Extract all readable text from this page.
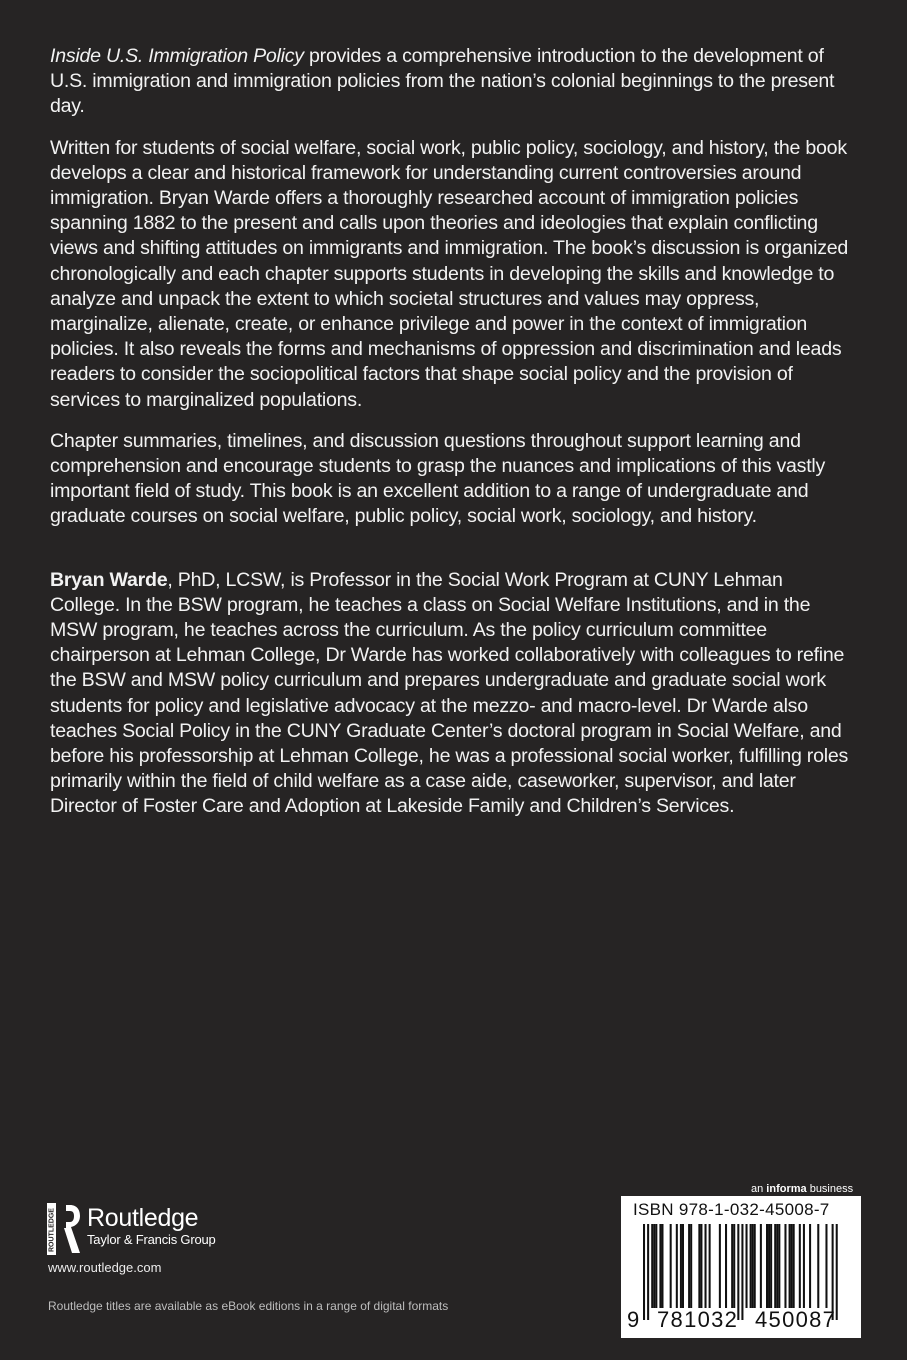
Inside U.S. Immigration Policy provides a comprehensive introduction to the development of U.S. immigration and immigration policies from the nation’s colonial beginnings to the present day.

Written for students of social welfare, social work, public policy, sociology, and history, the book develops a clear and historical framework for understanding current controversies around immigration. Bryan Warde offers a thoroughly researched account of immigration policies spanning 1882 to the present and calls upon theories and ideologies that explain conflicting views and shifting attitudes on immigrants and immigration. The book’s discussion is organized chronologically and each chapter supports students in developing the skills and knowledge to analyze and unpack the extent to which societal structures and values may oppress, marginalize, alienate, create, or enhance privilege and power in the context of immigration policies. It also reveals the forms and mechanisms of oppression and discrimination and leads readers to consider the sociopolitical factors that shape social policy and the provision of services to marginalized populations.

Chapter summaries, timelines, and discussion questions throughout support learning and comprehension and encourage students to grasp the nuances and implications of this vastly important field of study. This book is an excellent addition to a range of undergraduate and graduate courses on social welfare, public policy, social work, sociology, and history.

Bryan Warde, PhD, LCSW, is Professor in the Social Work Program at CUNY Lehman College. In the BSW program, he teaches a class on Social Welfare Institutions, and in the MSW program, he teaches across the curriculum. As the policy curriculum committee chairperson at Lehman College, Dr Warde has worked collaboratively with colleagues to refine the BSW and MSW policy curriculum and prepares undergraduate and graduate social work students for policy and legislative advocacy at the mezzo- and macro-level. Dr Warde also teaches Social Policy in the CUNY Graduate Center’s doctoral program in Social Welfare, and before his professorship at Lehman College, he was a professional social worker, fulfilling roles primarily within the field of child welfare as a case aide, caseworker, supervisor, and later Director of Foster Care and Adoption at Lakeside Family and Children’s Services.

ROUTLEDGE Routledge
Taylor & Francis Group
www.routledge.com
Routledge titles are available as eBook editions in a range of digital formats
an informa business
ISBN 978-1-032-45008-7
9 781032 450087
